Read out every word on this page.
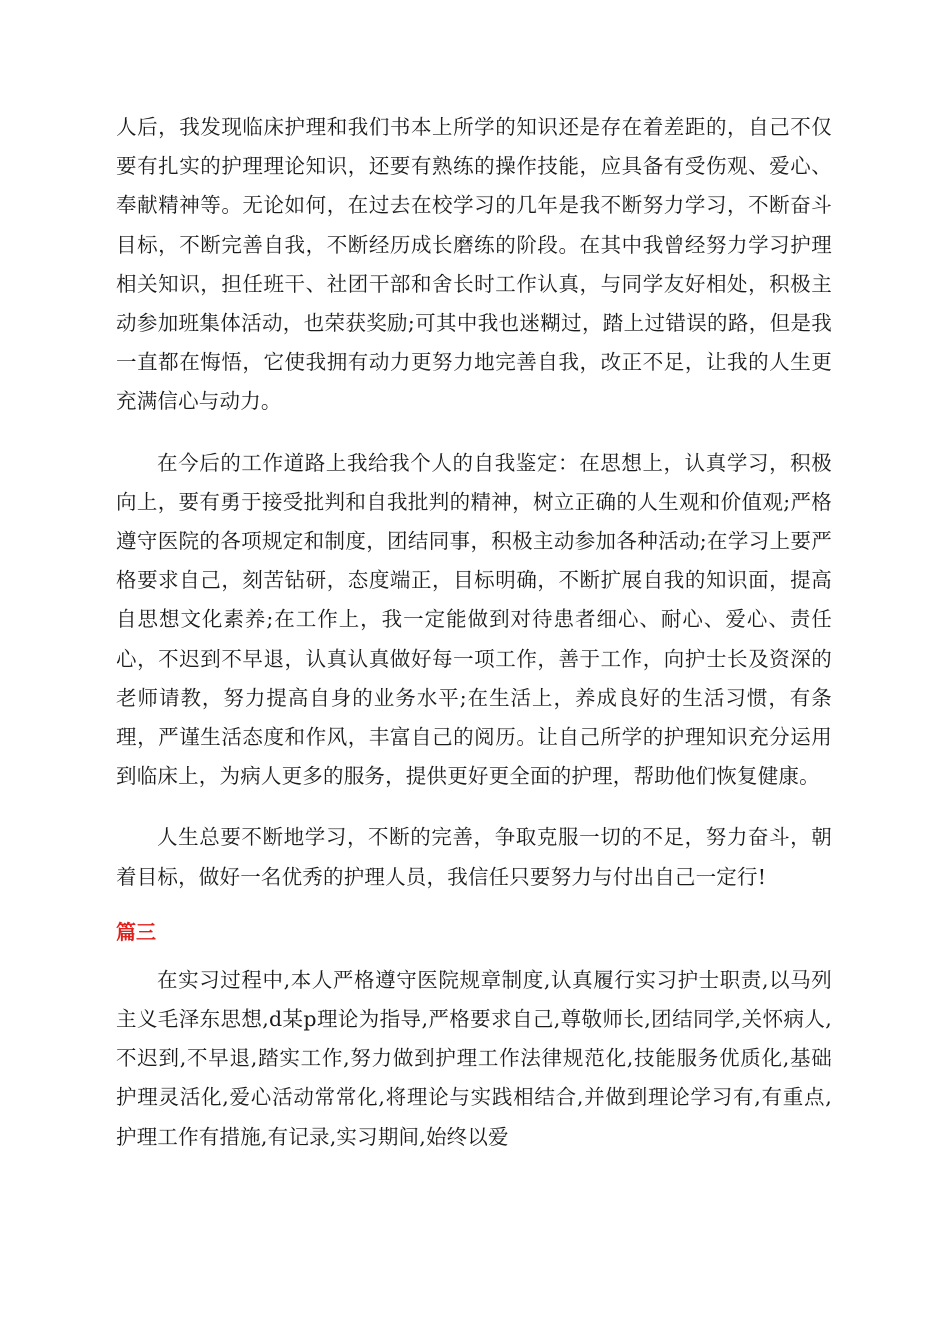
人后，我发现临床护理和我们书本上所学的知识还是存在着差距的，自己不仅要有扎实的护理理论知识，还要有熟练的操作技能，应具备有受伤观、爱心、奉献精神等。无论如何，在过去在校学习的几年是我不断努力学习，不断奋斗目标，不断完善自我，不断经历成长磨练的阶段。在其中我曾经努力学习护理相关知识，担任班干、社团干部和舍长时工作认真，与同学友好相处，积极主动参加班集体活动，也荣获奖励;可其中我也迷糊过，踏上过错误的路，但是我一直都在悔悟，它使我拥有动力更努力地完善自我，改正不足，让我的人生更充满信心与动力。

在今后的工作道路上我给我个人的自我鉴定：在思想上，认真学习，积极向上，要有勇于接受批判和自我批判的精神，树立正确的人生观和价值观;严格遵守医院的各项规定和制度，团结同事，积极主动参加各种活动;在学习上要严格要求自己，刻苦钻研，态度端正，目标明确，不断扩展自我的知识面，提高自思想文化素养;在工作上，我一定能做到对待患者细心、耐心、爱心、责任心，不迟到不早退，认真认真做好每一项工作，善于工作，向护士长及资深的老师请教，努力提高自身的业务水平;在生活上，养成良好的生活习惯，有条理，严谨生活态度和作风，丰富自己的阅历。让自己所学的护理知识充分运用到临床上，为病人更多的服务，提供更好更全面的护理，帮助他们恢复健康。

人生总要不断地学习，不断的完善，争取克服一切的不足，努力奋斗，朝着目标，做好一名优秀的护理人员，我信任只要努力与付出自己一定行!

篇三

在实习过程中,本人严格遵守医院规章制度,认真履行实习护士职责,以马列主义毛泽东思想,d某p理论为指导,严格要求自己,尊敬师长,团结同学,关怀病人,不迟到,不早退,踏实工作,努力做到护理工作法律规范化,技能服务优质化,基础护理灵活化,爱心活动常常化,将理论与实践相结合,并做到理论学习有,有重点,护理工作有措施,有记录,实习期间,始终以爱
